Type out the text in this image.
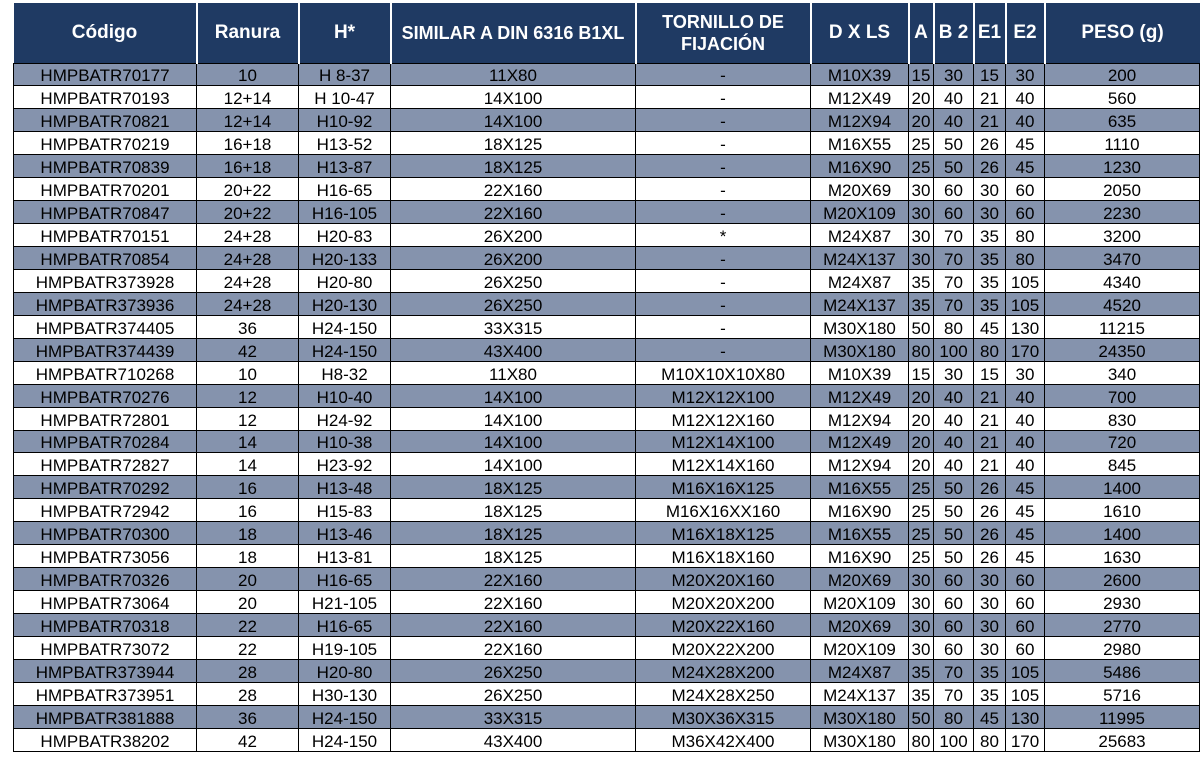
Código	Ranura	H*	SIMILAR A DIN 6316 B1XL	TORNILLO DE FIJACIÓN	D X LS	A	B 2	E1	E2	PESO (g)
HMPBATR70177	10	H 8-37	11X80	-	M10X39	15	30	15	30	200
HMPBATR70193	12+14	H 10-47	14X100	-	M12X49	20	40	21	40	560
HMPBATR70821	12+14	H10-92	14X100	-	M12X94	20	40	21	40	635
HMPBATR70219	16+18	H13-52	18X125	-	M16X55	25	50	26	45	1110
HMPBATR70839	16+18	H13-87	18X125	-	M16X90	25	50	26	45	1230
HMPBATR70201	20+22	H16-65	22X160	-	M20X69	30	60	30	60	2050
HMPBATR70847	20+22	H16-105	22X160	-	M20X109	30	60	30	60	2230
HMPBATR70151	24+28	H20-83	26X200	*	M24X87	30	70	35	80	3200
HMPBATR70854	24+28	H20-133	26X200	-	M24X137	30	70	35	80	3470
HMPBATR373928	24+28	H20-80	26X250	-	M24X87	35	70	35	105	4340
HMPBATR373936	24+28	H20-130	26X250	-	M24X137	35	70	35	105	4520
HMPBATR374405	36	H24-150	33X315	-	M30X180	50	80	45	130	11215
HMPBATR374439	42	H24-150	43X400	-	M30X180	80	100	80	170	24350
HMPBATR710268	10	H8-32	11X80	M10X10X10X80	M10X39	15	30	15	30	340
HMPBATR70276	12	H10-40	14X100	M12X12X100	M12X49	20	40	21	40	700
HMPBATR72801	12	H24-92	14X100	M12X12X160	M12X94	20	40	21	40	830
HMPBATR70284	14	H10-38	14X100	M12X14X100	M12X49	20	40	21	40	720
HMPBATR72827	14	H23-92	14X100	M12X14X160	M12X94	20	40	21	40	845
HMPBATR70292	16	H13-48	18X125	M16X16X125	M16X55	25	50	26	45	1400
HMPBATR72942	16	H15-83	18X125	M16X16XX160	M16X90	25	50	26	45	1610
HMPBATR70300	18	H13-46	18X125	M16X18X125	M16X55	25	50	26	45	1400
HMPBATR73056	18	H13-81	18X125	M16X18X160	M16X90	25	50	26	45	1630
HMPBATR70326	20	H16-65	22X160	M20X20X160	M20X69	30	60	30	60	2600
HMPBATR73064	20	H21-105	22X160	M20X20X200	M20X109	30	60	30	60	2930
HMPBATR70318	22	H16-65	22X160	M20X22X160	M20X69	30	60	30	60	2770
HMPBATR73072	22	H19-105	22X160	M20X22X200	M20X109	30	60	30	60	2980
HMPBATR373944	28	H20-80	26X250	M24X28X200	M24X87	35	70	35	105	5486
HMPBATR373951	28	H30-130	26X250	M24X28X250	M24X137	35	70	35	105	5716
HMPBATR381888	36	H24-150	33X315	M30X36X315	M30X180	50	80	45	130	11995
HMPBATR38202	42	H24-150	43X400	M36X42X400	M30X180	80	100	80	170	25683
